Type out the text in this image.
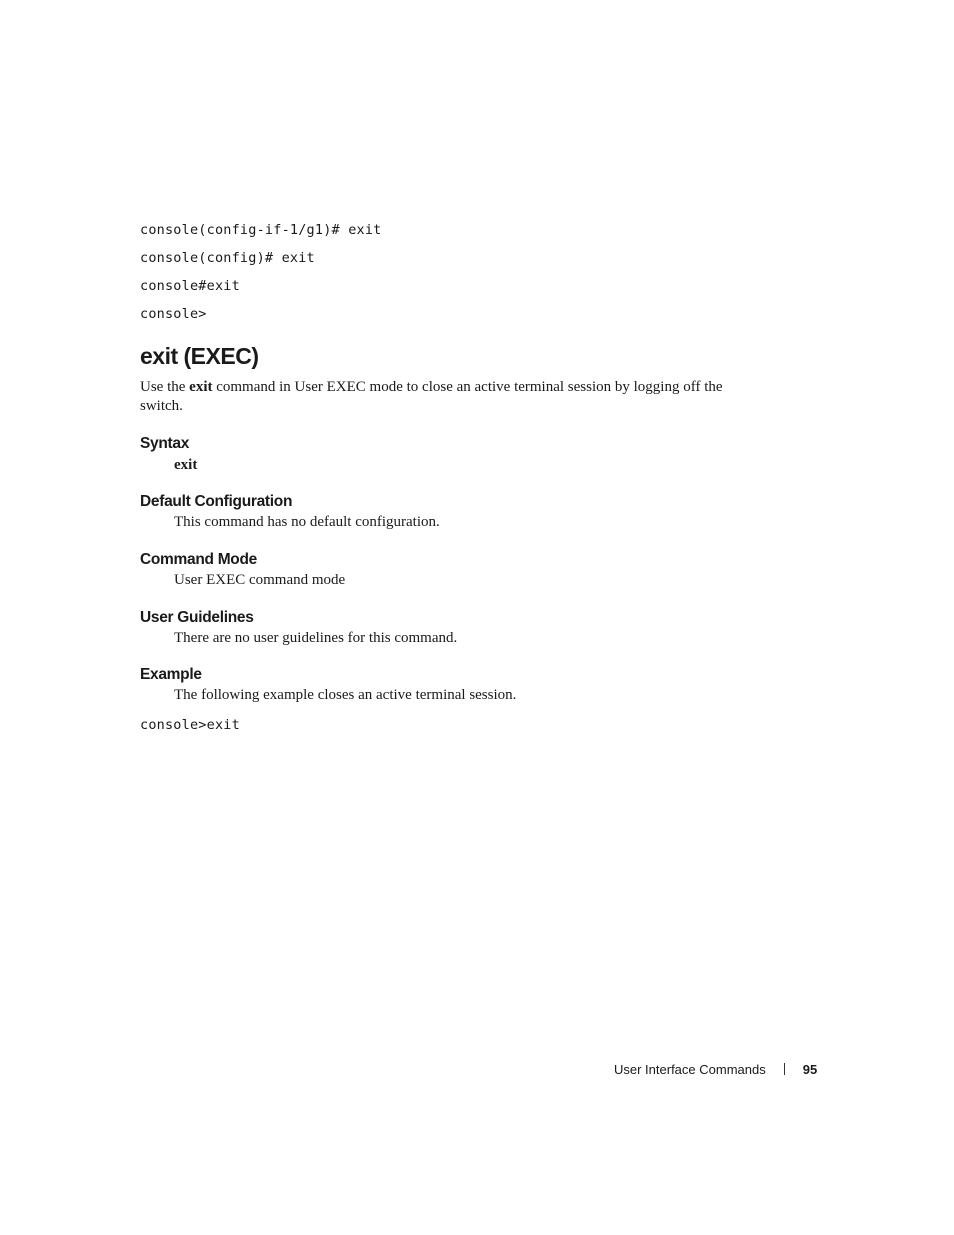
console(config-if-1/g1)# exit
console(config)# exit
console#exit
console>
exit (EXEC)

Use the exit command in User EXEC mode to close an active terminal session by logging off the switch.

Syntax

exit

Default Configuration

This command has no default configuration.

Command Mode

User EXEC command mode

User Guidelines

There are no user guidelines for this command.

Example

The following example closes an active terminal session.

console>exit
User Interface Commands	95
